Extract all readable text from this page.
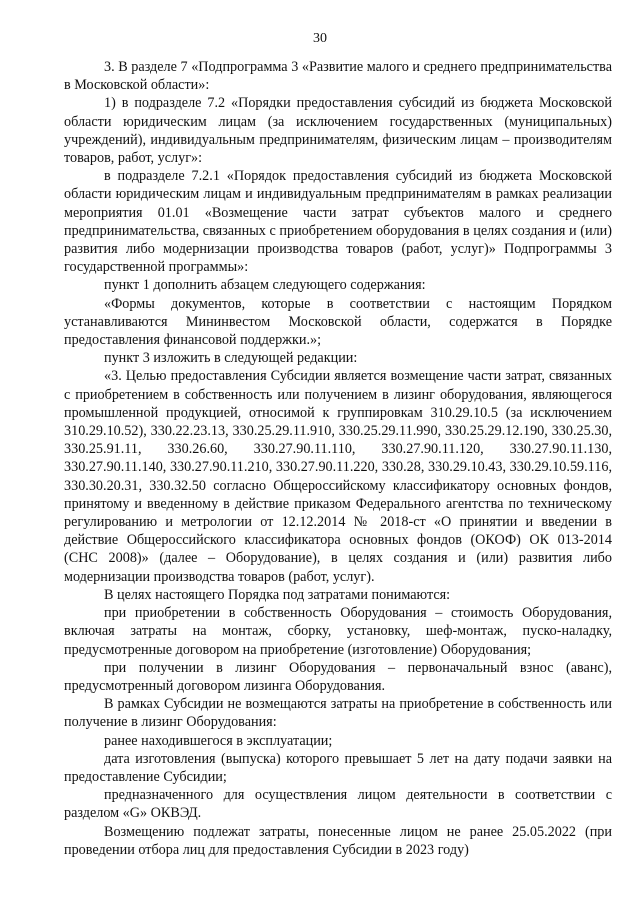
30

3. В разделе 7 «Подпрограмма 3 «Развитие малого и среднего предпринимательства в Московской области»:

1) в подразделе 7.2 «Порядки предоставления субсидий из бюджета Московской области юридическим лицам (за исключением государственных (муниципальных) учреждений), индивидуальным предпринимателям, физическим лицам – производителям товаров, работ, услуг»:

в подразделе 7.2.1 «Порядок предоставления субсидий из бюджета Московской области юридическим лицам и индивидуальным предпринимателям в рамках реализации мероприятия 01.01 «Возмещение части затрат субъектов малого и среднего предпринимательства, связанных с приобретением оборудования в целях создания и (или) развития либо модернизации производства товаров (работ, услуг)» Подпрограммы 3 государственной программы»:

пункт 1 дополнить абзацем следующего содержания:

«Формы документов, которые в соответствии с настоящим Порядком устанавливаются Мининвестом Московской области, содержатся в Порядке предоставления финансовой поддержки.»;

пункт 3 изложить в следующей редакции:

«3. Целью предоставления Субсидии является возмещение части затрат, связанных с приобретением в собственность или получением в лизинг оборудования, являющегося промышленной продукцией, относимой к группировкам 310.29.10.5 (за исключением 310.29.10.52), 330.22.23.13, 330.25.29.11.910, 330.25.29.11.990, 330.25.29.12.190, 330.25.30, 330.25.91.11, 330.26.60, 330.27.90.11.110, 330.27.90.11.120, 330.27.90.11.130, 330.27.90.11.140, 330.27.90.11.210, 330.27.90.11.220, 330.28, 330.29.10.43, 330.29.10.59.116, 330.30.20.31, 330.32.50 согласно Общероссийскому классификатору основных фондов, принятому и введенному в действие приказом Федерального агентства по техническому регулированию и метрологии от 12.12.2014 № 2018-ст «О принятии и введении в действие Общероссийского классификатора основных фондов (ОКОФ) ОК 013-2014 (СНС 2008)» (далее – Оборудование), в целях создания и (или) развития либо модернизации производства товаров (работ, услуг).

В целях настоящего Порядка под затратами понимаются:

при приобретении в собственность Оборудования – стоимость Оборудования, включая затраты на монтаж, сборку, установку, шеф-монтаж, пуско-наладку, предусмотренные договором на приобретение (изготовление) Оборудования;

при получении в лизинг Оборудования – первоначальный взнос (аванс), предусмотренный договором лизинга Оборудования.

В рамках Субсидии не возмещаются затраты на приобретение в собственность или получение в лизинг Оборудования:

ранее находившегося в эксплуатации;

дата изготовления (выпуска) которого превышает 5 лет на дату подачи заявки на предоставление Субсидии;

предназначенного для осуществления лицом деятельности в соответствии с разделом «G» ОКВЭД.

Возмещению подлежат затраты, понесенные лицом не ранее 25.05.2022 (при проведении отбора лиц для предоставления Субсидии в 2023 году)
